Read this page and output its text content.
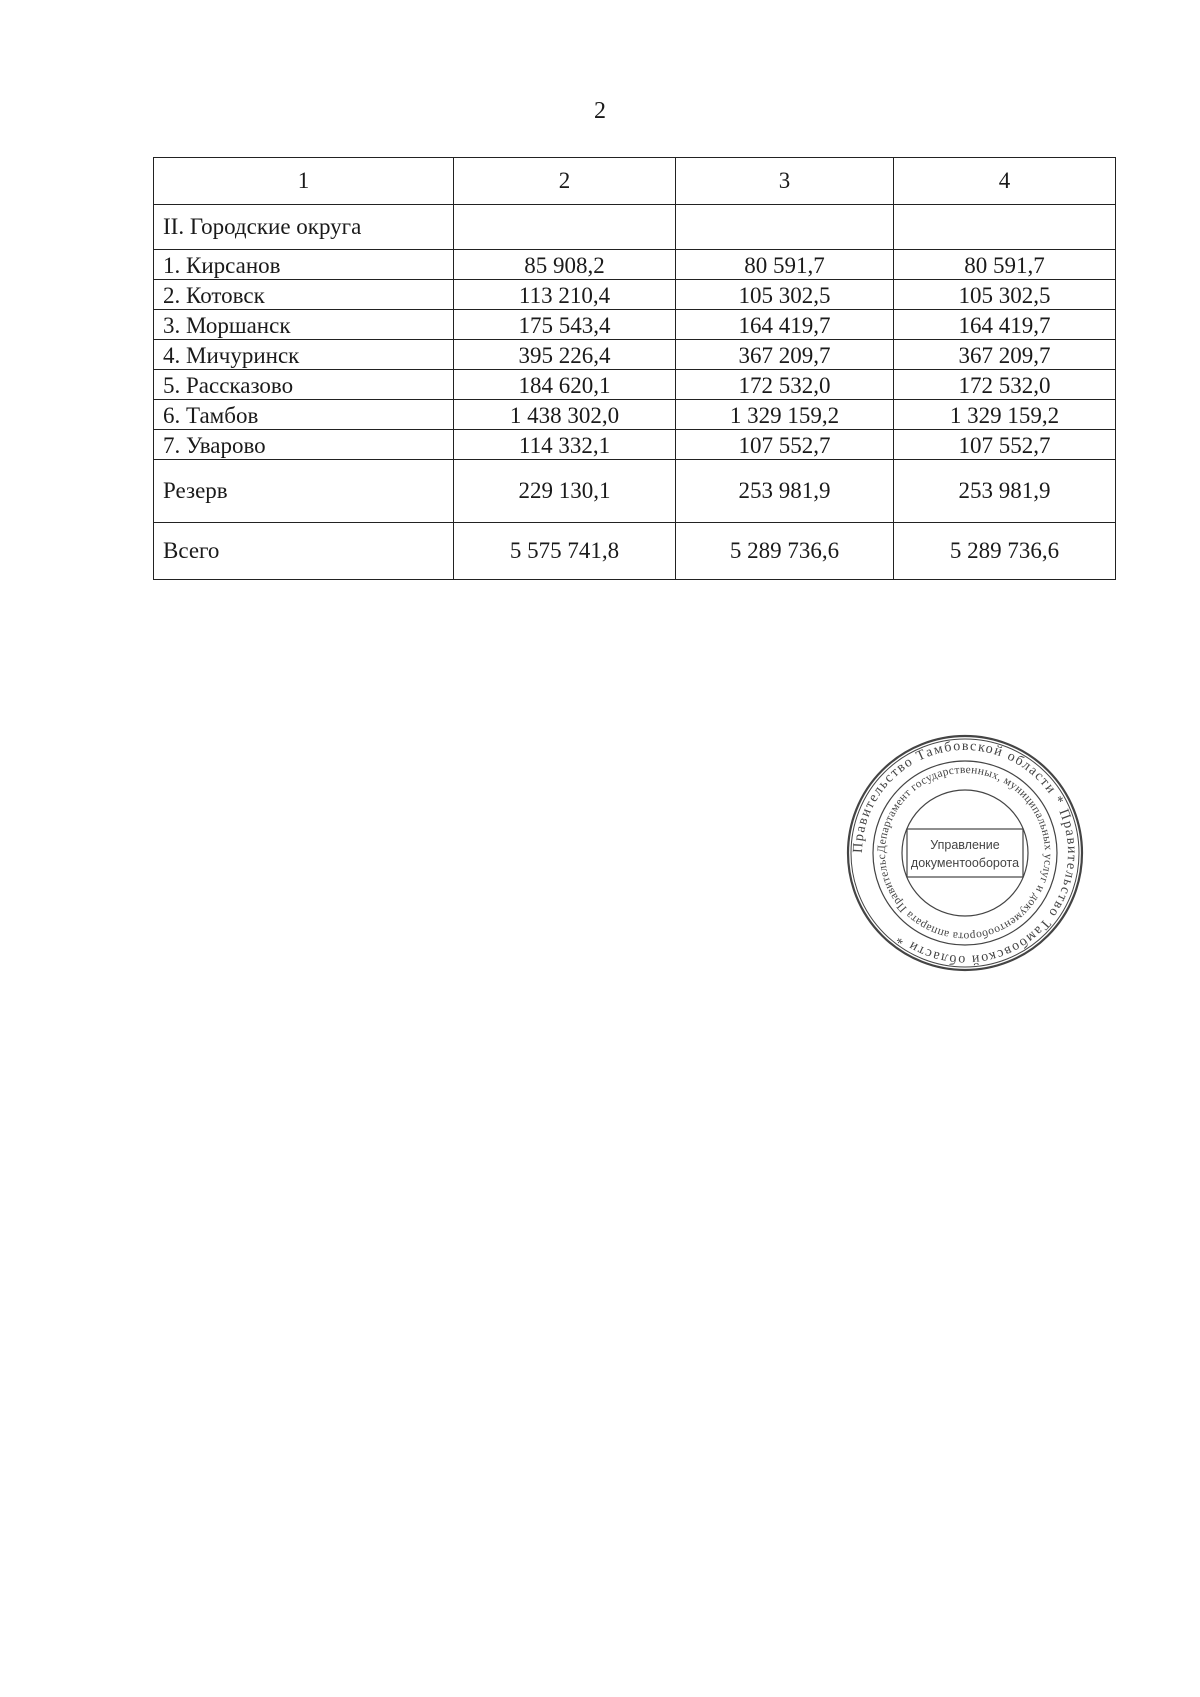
2
1	2	3	4
II. Городские округа			
1. Кирсанов	85 908,2	80 591,7	80 591,7
2. Котовск	113 210,4	105 302,5	105 302,5
3. Моршанск	175 543,4	164 419,7	164 419,7
4. Мичуринск	395 226,4	367 209,7	367 209,7
5. Рассказово	184 620,1	172 532,0	172 532,0
6. Тамбов	1 438 302,0	1 329 159,2	1 329 159,2
7. Уварово	114 332,1	107 552,7	107 552,7
Резерв	229 130,1	253 981,9	253 981,9
Всего	5 575 741,8	5 289 736,6	5 289 736,6
Правительство Тамбовской области * Правительство Тамбовской области *
Департамент государственных, муниципальных услуг и документооборота аппарата Правительс
Управление
документооборота
